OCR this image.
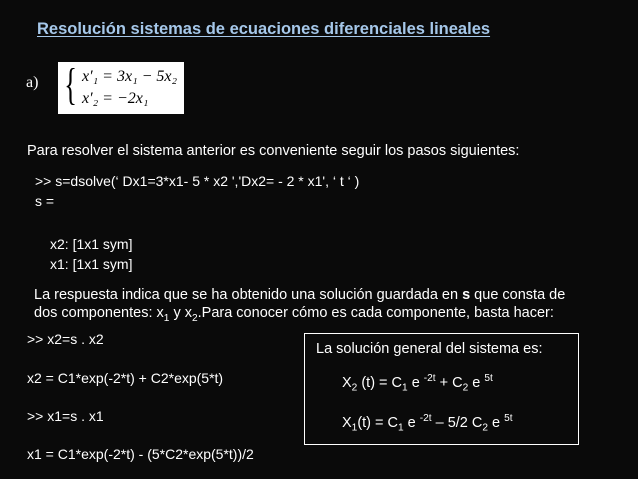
Resolución sistemas de ecuaciones diferenciales lineales
a) { x′₁ = 3x₁ − 5x₂
x′₂ = −2x₁
Para resolver el sistema anterior es conveniente seguir los pasos siguientes:
>> s=dsolve(‘ Dx1=3*x1- 5 * x2 ','Dx2= - 2 * x1', ‘ t ‘ )
s =
x2: [1x1 sym]
x1: [1x1 sym]
La respuesta indica que se ha obtenido una solución guardada en s que consta de
dos componentes: $x_1$ y $x_2.Para$ conocer cómo es cada componente, basta hacer:
>> x2=s . x2
x2 = C1*exp(-2*t) + C2*exp(5*t)
>> x1=s . x1
x1 = C1*exp(-2*t) - (5*C2*exp(5*t))/2
La solución general del sistema es:
$X_2$ $(t) = C_1$ e $^{-2t} + C_2$ e $^{5t}$
$X_1(t) = C_1$ e $^{-2t}$ – 5/2 $C_2$ e $^{5t}$
